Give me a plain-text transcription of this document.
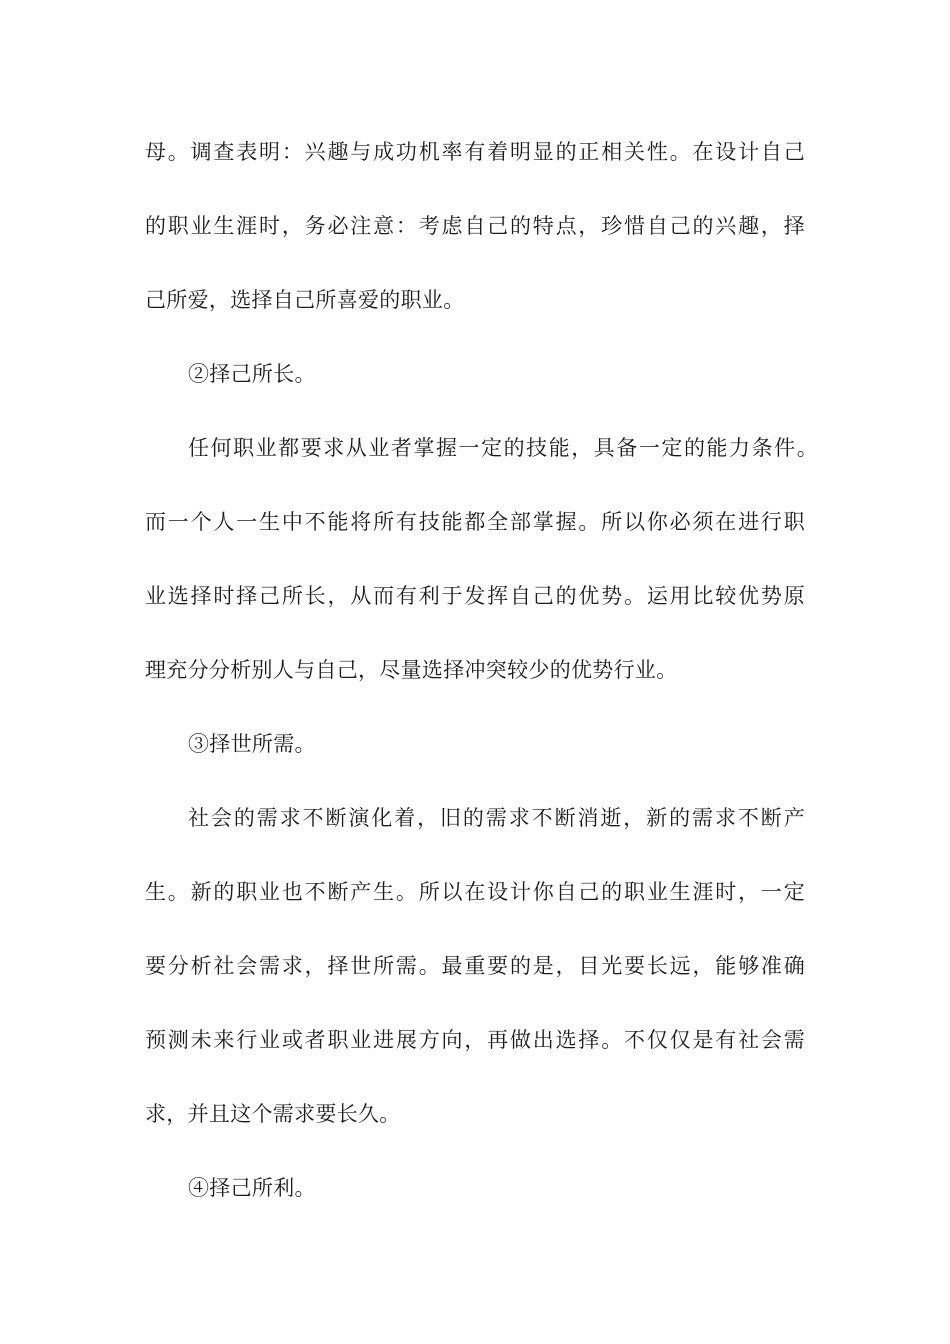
母。调查表明：兴趣与成功机率有着明显的正相关性。在设计自己
的职业生涯时，务必注意：考虑自己的特点，珍惜自己的兴趣，择
己所爱，选择自己所喜爱的职业。
②择己所长。
任何职业都要求从业者掌握一定的技能，具备一定的能力条件。
而一个人一生中不能将所有技能都全部掌握。所以你必须在进行职
业选择时择己所长，从而有利于发挥自己的优势。运用比较优势原
理充分分析别人与自己，尽量选择冲突较少的优势行业。
③择世所需。
社会的需求不断演化着，旧的需求不断消逝，新的需求不断产
生。新的职业也不断产生。所以在设计你自己的职业生涯时，一定
要分析社会需求，择世所需。最重要的是，目光要长远，能够准确
预测未来行业或者职业进展方向，再做出选择。不仅仅是有社会需
求，并且这个需求要长久。
④择己所利。
